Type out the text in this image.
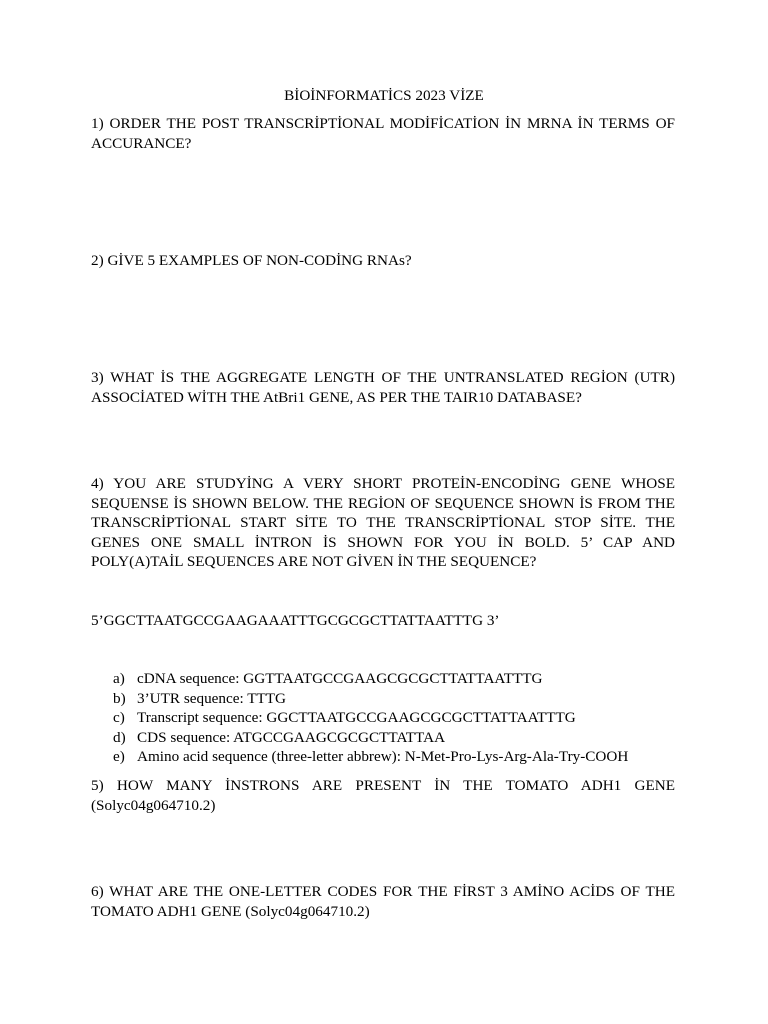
BİOİNFORMATİCS 2023 VİZE
1) ORDER THE POST TRANSCRİPTİONAL MODİFİCATİON İN MRNA İN TERMS OF ACCURANCE?
2) GİVE 5 EXAMPLES OF NON-CODİNG RNAs?
3) WHAT İS THE AGGREGATE LENGTH OF THE UNTRANSLATED REGİON (UTR) ASSOCİATED WİTH THE AtBri1 GENE, AS PER THE TAIR10 DATABASE?
4) YOU ARE STUDYİNG A VERY SHORT PROTEİN-ENCODİNG GENE WHOSE SEQUENSE İS SHOWN BELOW. THE REGİON OF SEQUENCE SHOWN İS FROM THE TRANSCRİPTİONAL START SİTE TO THE TRANSCRİPTİONAL STOP SİTE. THE GENES ONE SMALL İNTRON İS SHOWN FOR YOU İN BOLD. 5’ CAP AND POLY(A)TAİL SEQUENCES ARE NOT GİVEN İN THE SEQUENCE?
5’GGCTTAATGCCGAAGAAATTTGCGCGCTTATTAATTTG 3’
a) cDNA sequence: GGTTAATGCCGAAGCGCGCTTATTAATTTG
b) 3’UTR sequence: TTTG
c) Transcript sequence: GGCTTAATGCCGAAGCGCGCTTATTAATTTG
d) CDS sequence: ATGCCGAAGCGCGCTTATTAA
e) Amino acid sequence (three-letter abbrew): N-Met-Pro-Lys-Arg-Ala-Try-COOH
5) HOW MANY İNSTRONS ARE PRESENT İN THE TOMATO ADH1 GENE (Solyc04g064710.2)
6) WHAT ARE THE ONE-LETTER CODES FOR THE FİRST 3 AMİNO ACİDS OF THE TOMATO ADH1 GENE (Solyc04g064710.2)
